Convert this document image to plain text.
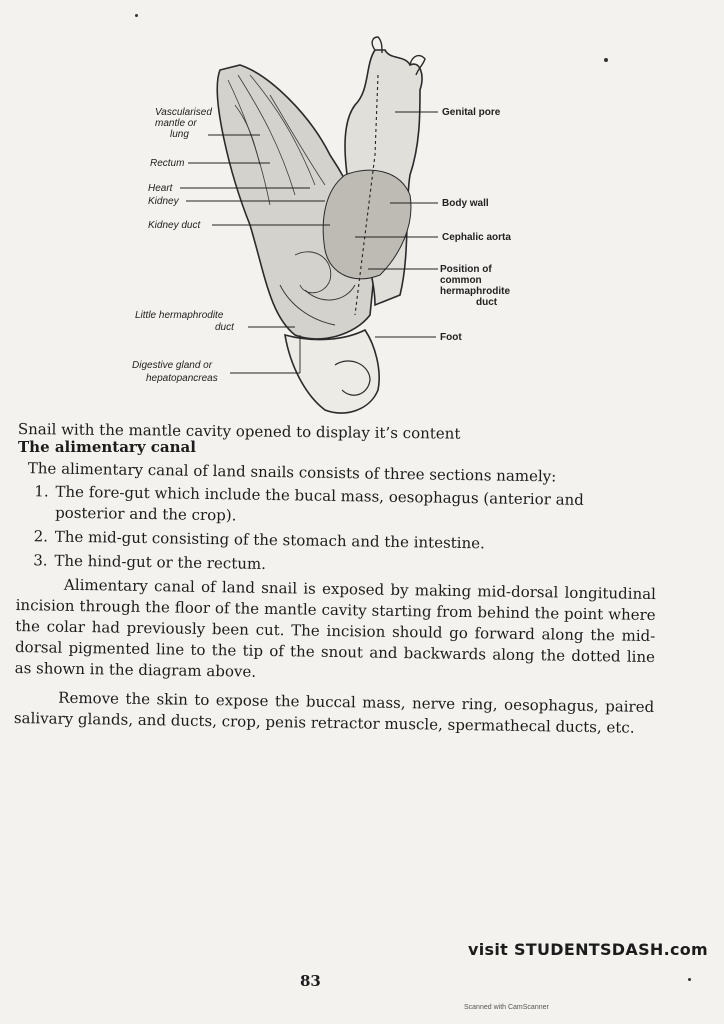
Vascularised
mantle or
lung
Rectum
Heart
Kidney
Kidney duct
Little hermaphrodite
duct
Digestive gland or
hepatopancreas
Genital pore
Body wall
Cephalic aorta
Position of
common
hermaphrodite
duct
Foot
Snail with the mantle cavity opened to display it’s content
The alimentary canal
The alimentary canal of land snails consists of three sections namely:
1. The fore-gut which include the bucal mass, oesophagus (anterior and posterior and the crop).
2. The mid-gut consisting of the stomach and the intestine.
3. The hind-gut or the rectum.

Alimentary canal of land snail is exposed by making mid-dorsal longitudinal incision through the floor of the mantle cavity starting from behind the point where the colar had previously been cut. The incision should go forward along the mid-dorsal pigmented line to the tip of the snout and backwards along the dotted line as shown in the diagram above.

Remove the skin to expose the buccal mass, nerve ring, oesophagus, paired salivary glands, and ducts, crop, penis retractor muscle, spermathecal ducts, etc.

visit STUDENTSDASH.com
83
Scanned with CamScanner
